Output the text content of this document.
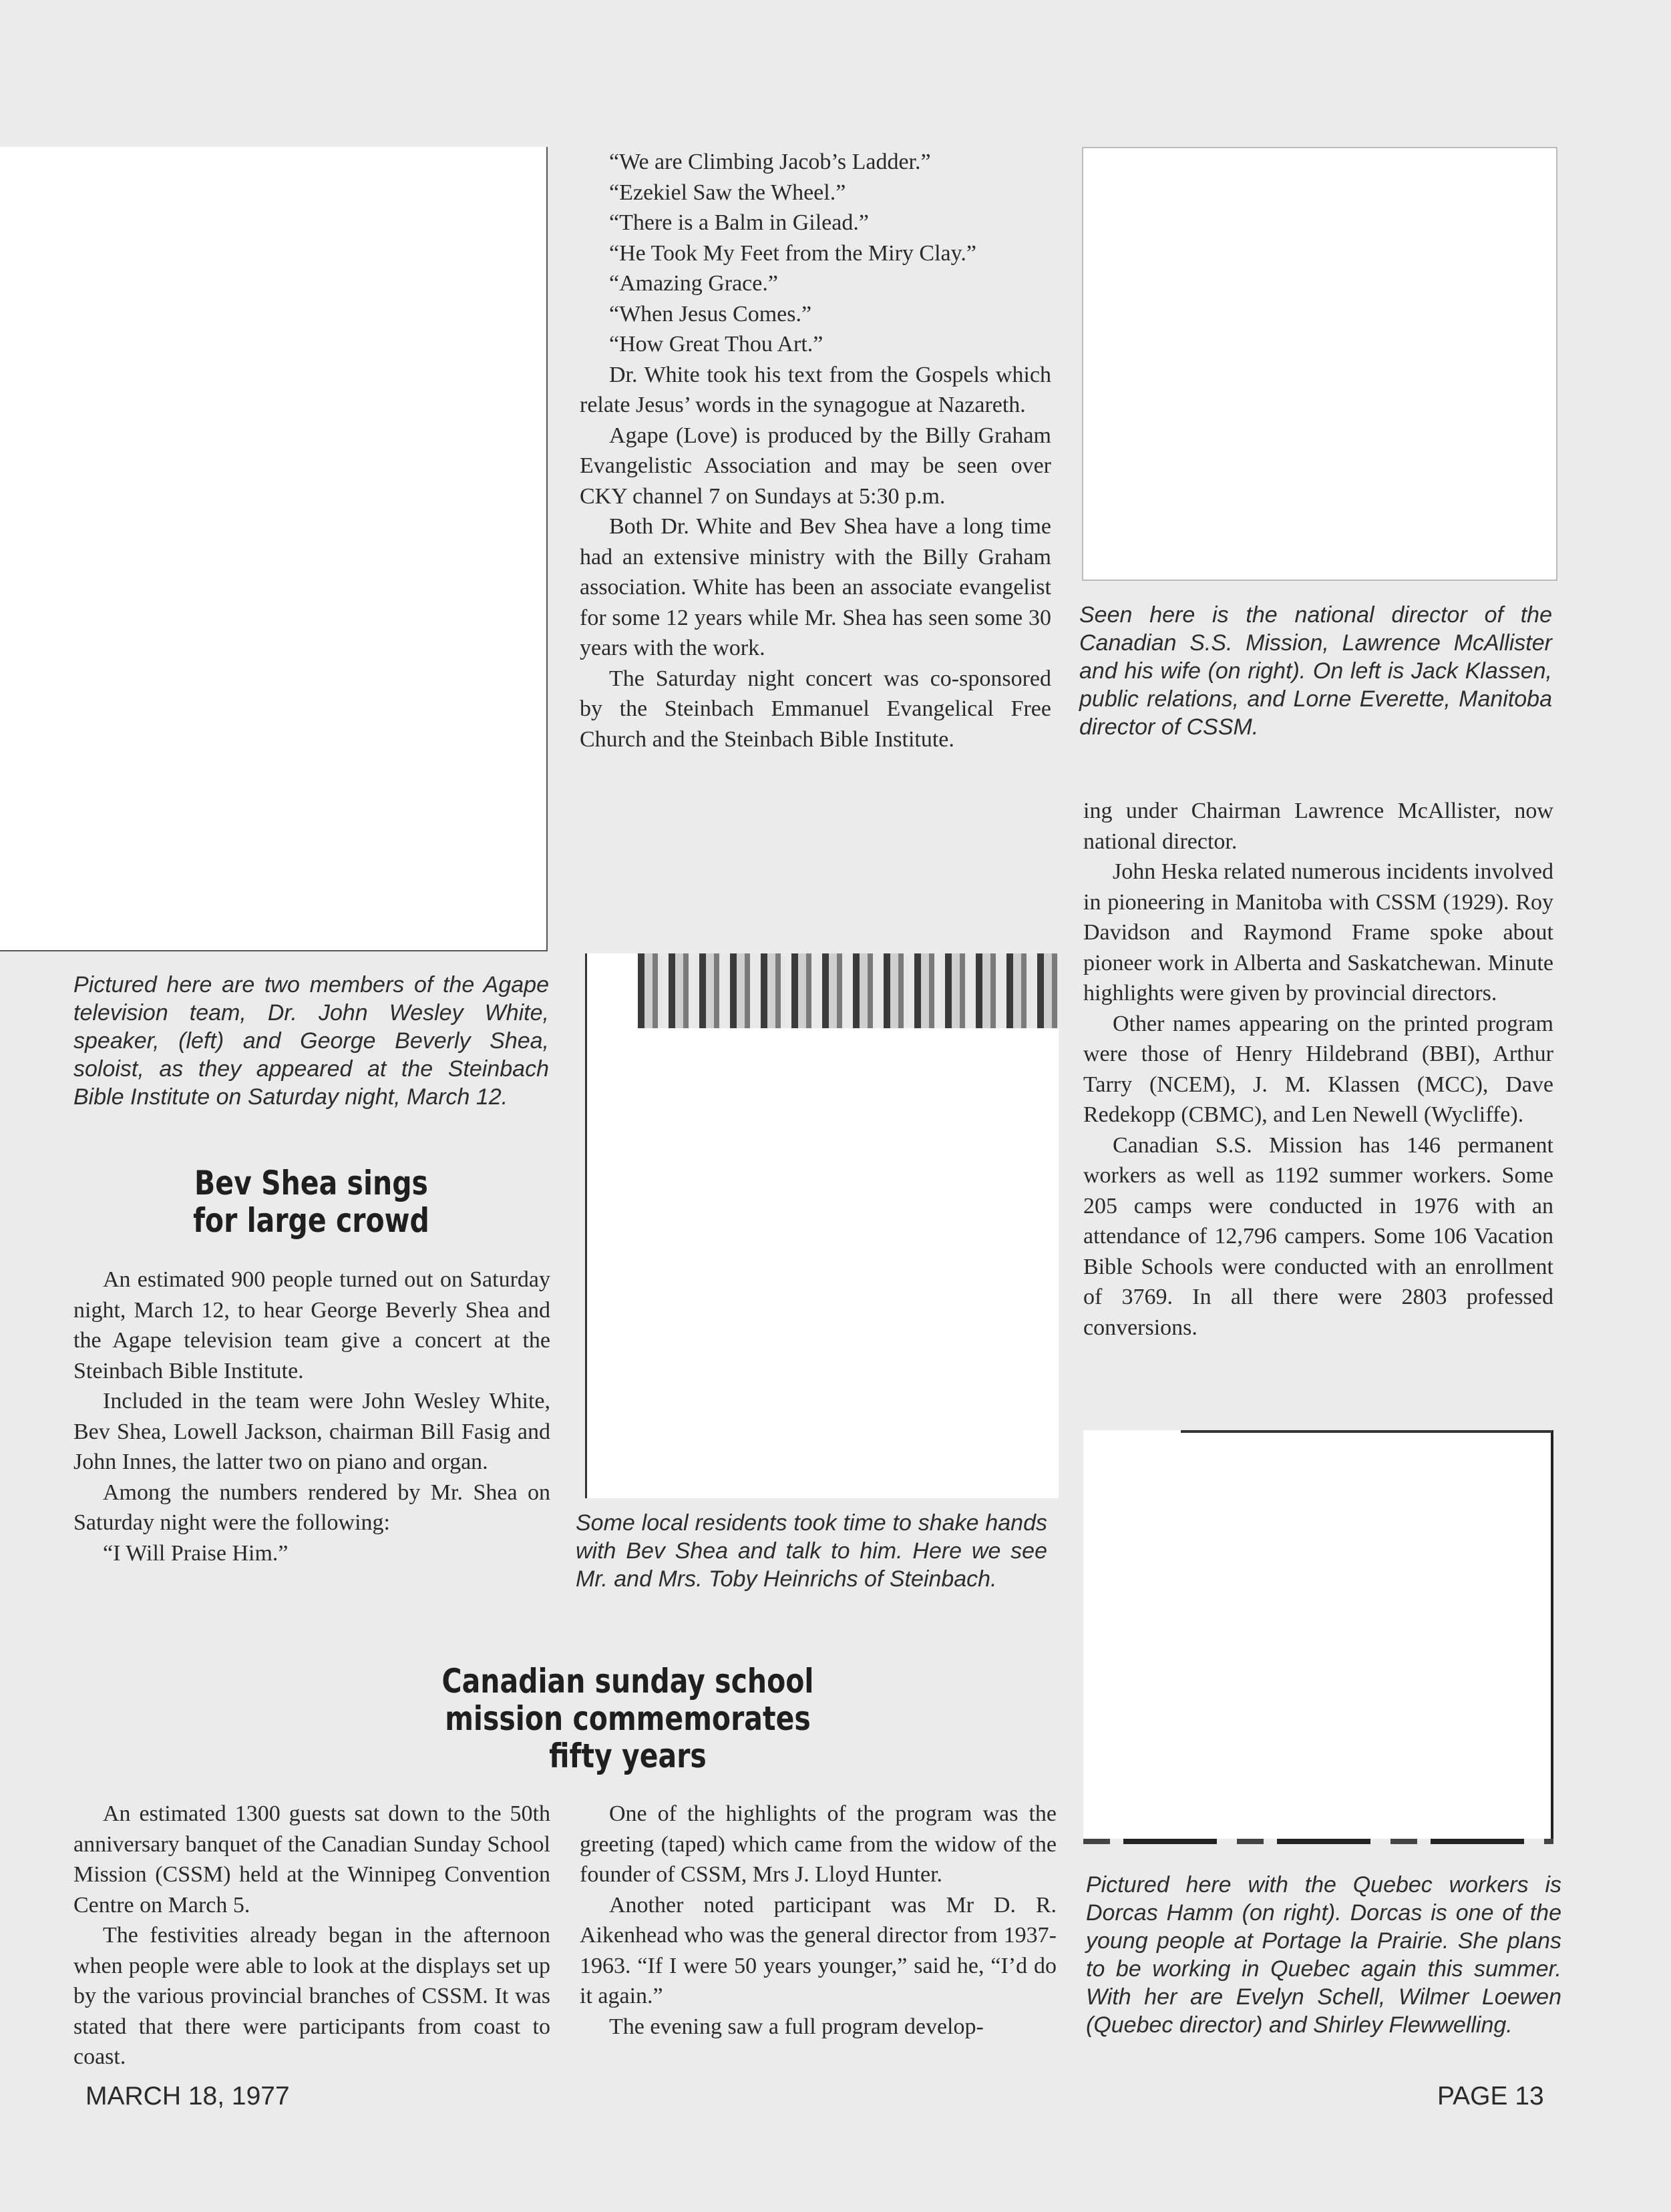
“We are Climbing Jacob’s Ladder.”

“Ezekiel Saw the Wheel.”

“There is a Balm in Gilead.”

“He Took My Feet from the Miry Clay.”

“Amazing Grace.”

“When Jesus Comes.”

“How Great Thou Art.”

Dr. White took his text from the Gospels which relate Jesus’ words in the synagogue at Nazareth.

Agape (Love) is produced by the Billy Graham Evangelistic Association and may be seen over CKY channel 7 on Sundays at 5:30 p.m.

Both Dr. White and Bev Shea have a long time had an extensive ministry with the Billy Graham association. White has been an associate evangelist for some 12 years while Mr. Shea has seen some 30 years with the work.

The Saturday night concert was co-sponsored by the Steinbach Emmanuel Evangelical Free Church and the Steinbach Bible Institute.

Seen here is the national director of the Canadian S.S. Mission, Lawrence McAllister and his wife (on right). On left is Jack Klassen, public relations, and Lorne Everette, Manitoba director of CSSM.

ing under Chairman Lawrence McAllister, now national director.

John Heska related numerous incidents involved in pioneering in Manitoba with CSSM (1929). Roy Davidson and Raymond Frame spoke about pioneer work in Alberta and Saskatchewan. Minute highlights were given by provincial directors.

Other names appearing on the printed program were those of Henry Hildebrand (BBI), Arthur Tarry (NCEM), J. M. Klassen (MCC), Dave Redekopp (CBMC), and Len Newell (Wycliffe).

Canadian S.S. Mission has 146 permanent workers as well as 1192 summer workers. Some 205 camps were conducted in 1976 with an attendance of 12,796 campers. Some 106 Vacation Bible Schools were conducted with an enrollment of 3769. In all there were 2803 professed conversions.

Pictured here are two members of the Agape television team, Dr. John Wesley White, speaker, (left) and George Beverly Shea, soloist, as they appeared at the Steinbach Bible Institute on Saturday night, March 12.
Bev Shea sings
for large crowd

An estimated 900 people turned out on Saturday night, March 12, to hear George Beverly Shea and the Agape television team give a concert at the Steinbach Bible Institute.

Included in the team were John Wesley White, Bev Shea, Lowell Jackson, chairman Bill Fasig and John Innes, the latter two on piano and organ.

Among the numbers rendered by Mr. Shea on Saturday night were the following:

“I Will Praise Him.”

Some local residents took time to shake hands with Bev Shea and talk to him. Here we see Mr. and Mrs. Toby Heinrichs of Steinbach.
Pictured here with the Quebec workers is Dorcas Hamm (on right). Dorcas is one of the young people at Portage la Prairie. She plans to be working in Quebec again this summer. With her are Evelyn Schell, Wilmer Loewen (Quebec director) and Shirley Flewwelling.
Canadian sunday school
mission commemorates
fifty years

An estimated 1300 guests sat down to the 50th anniversary banquet of the Canadian Sunday School Mission (CSSM) held at the Winnipeg Convention Centre on March 5.

The festivities already began in the afternoon when people were able to look at the displays set up by the various provincial branches of CSSM. It was stated that there were participants from coast to coast.

One of the highlights of the program was the greeting (taped) which came from the widow of the founder of CSSM, Mrs J. Lloyd Hunter.

Another noted participant was Mr D. R. Aikenhead who was the general director from 1937-1963. “If I were 50 years younger,” said he, “I’d do it again.”

The evening saw a full program develop-

MARCH 18, 1977	PAGE 13
